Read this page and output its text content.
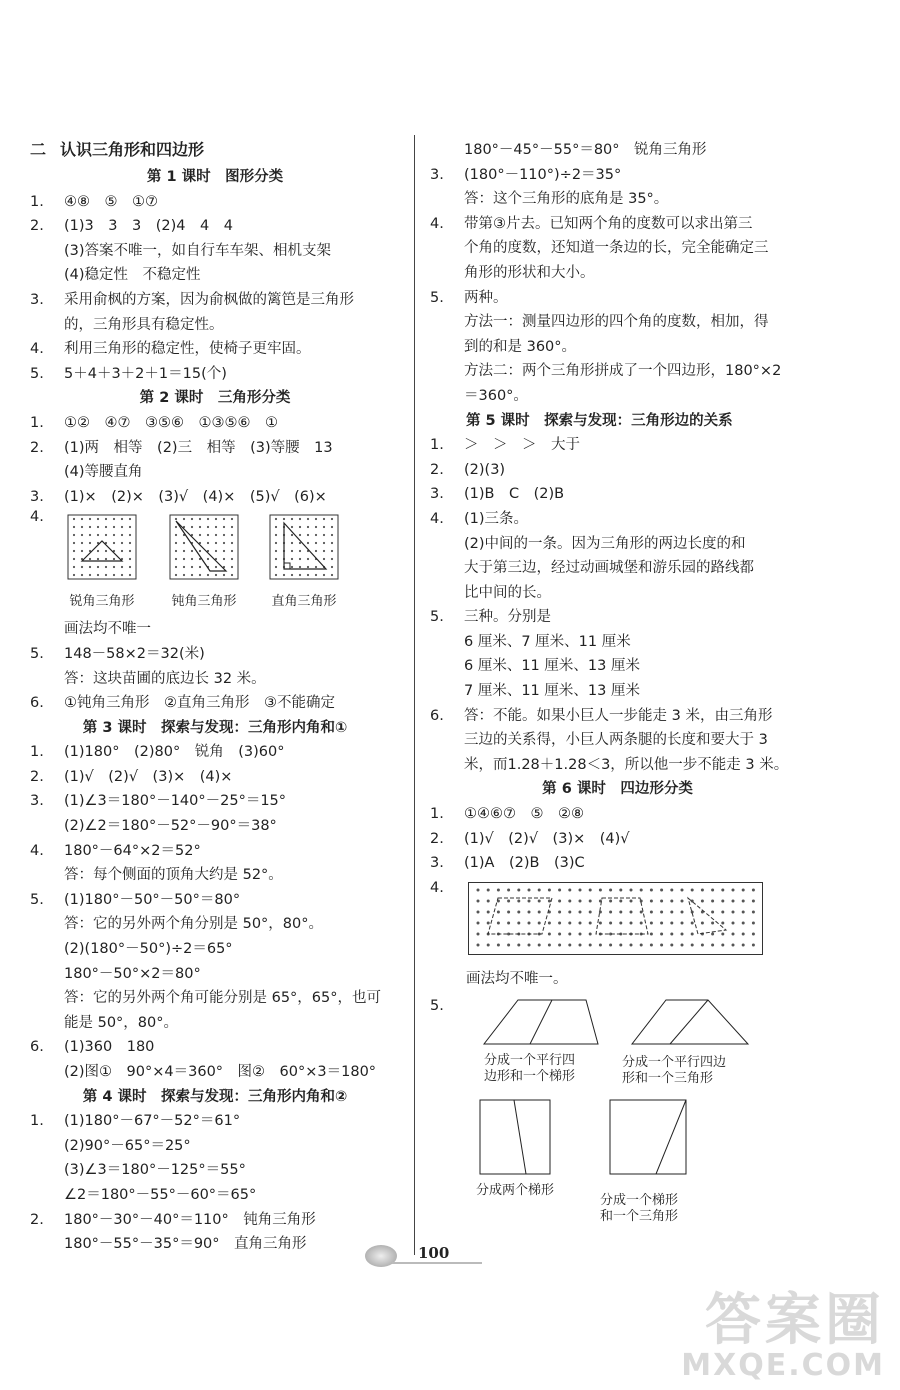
二 认识三角形和四边形
第 1 课时　图形分类
1. ④⑧　⑤　①⑦
2. (1)3　3　3　(2)4　4　4
(3)答案不唯一，如自行车车架、相机支架
(4)稳定性　不稳定性
3. 采用俞枫的方案，因为俞枫做的篱笆是三角形
的，三角形具有稳定性。
4. 利用三角形的稳定性，使椅子更牢固。
5. 5＋4＋3＋2＋1＝15(个)
第 2 课时　三角形分类
1. ①②　④⑦　③⑤⑥　①③⑤⑥　①
2. (1)两　相等　(2)三　相等　(3)等腰　13
(4)等腰直角
3. (1)×　(2)×　(3)√　(4)×　(5)√　(6)×
4.
锐角三角形	钝角三角形	直角三角形
画法均不唯一
5. 148－58×2＝32(米)
答：这块苗圃的底边长 32 米。
6. ①钝角三角形　②直角三角形　③不能确定
第 3 课时　探索与发现：三角形内角和①
1. (1)180°　(2)80°　锐角　(3)60°
2. (1)√　(2)√　(3)×　(4)×
3. (1)∠3＝180°－140°－25°＝15°
(2)∠2＝180°－52°－90°＝38°
4. 180°－64°×2＝52°
答：每个侧面的顶角大约是 52°。
5. (1)180°－50°－50°＝80°
答：它的另外两个角分别是 50°，80°。
(2)(180°－50°)÷2＝65°
180°－50°×2＝80°
答：它的另外两个角可能分别是 65°，65°，也可
能是 50°，80°。
6. (1)360　180
(2)图①　90°×4＝360°　图②　60°×3＝180°
第 4 课时　探索与发现：三角形内角和②
1. (1)180°－67°－52°＝61°
(2)90°－65°＝25°
(3)∠3＝180°－125°＝55°
∠2＝180°－55°－60°＝65°
2. 180°－30°－40°＝110°　钝角三角形
180°－55°－35°＝90°　直角三角形
180°－45°－55°＝80°　锐角三角形
3. (180°－110°)÷2＝35°
答：这个三角形的底角是 35°。
4. 带第③片去。已知两个角的度数可以求出第三
个角的度数，还知道一条边的长，完全能确定三
角形的形状和大小。
5. 两种。
方法一：测量四边形的四个角的度数，相加，得
到的和是 360°。
方法二：两个三角形拼成了一个四边形，180°×2
＝360°。
第 5 课时　探索与发现：三角形边的关系
1. ＞　＞　＞　大于
2. (2)(3)
3. (1)B　C　(2)B
4. (1)三条。
(2)中间的一条。因为三角形的两边长度的和
大于第三边，经过动画城堡和游乐园的路线都
比中间的长。
5. 三种。分别是
6 厘米、7 厘米、11 厘米
6 厘米、11 厘米、13 厘米
7 厘米、11 厘米、13 厘米
6. 答：不能。如果小巨人一步能走 3 米，由三角形
三边的关系得，小巨人两条腿的长度和要大于 3
米，而1.28＋1.28＜3，所以他一步不能走 3 米。
第 6 课时　四边形分类
1. ①④⑥⑦　⑤　②⑧
2. (1)√　(2)√　(3)×　(4)√
3. (1)A　(2)B　(3)C
4.
画法均不唯一。
5.
分成一个平行四
边形和一个梯形
分成一个平行四边
形和一个三角形
分成两个梯形
分成一个梯形
和一个三角形
100
答案圈
MXQE.COM
